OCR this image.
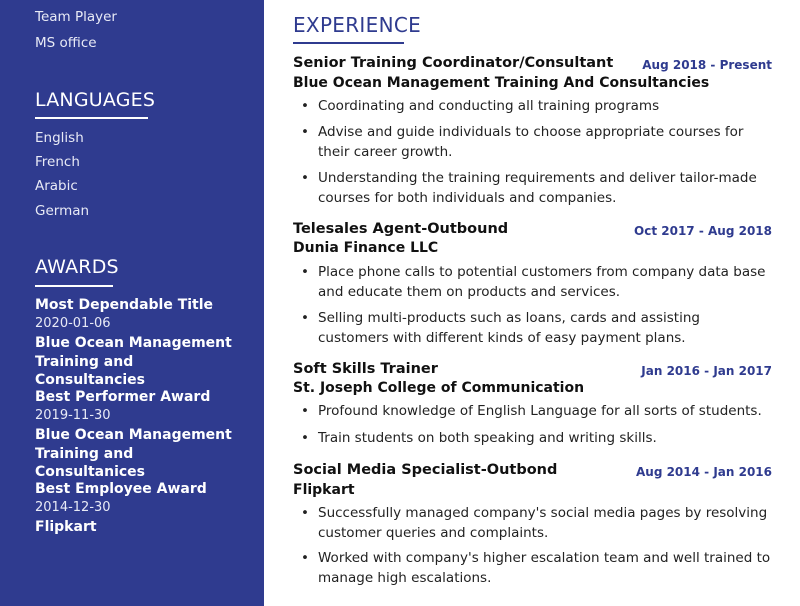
Team Player
MS office
LANGUAGES
English
French
Arabic
German
AWARDS
Most Dependable Title
2020-01-06
Blue Ocean Management Training and Consultancies
Best Performer Award
2019-11-30
Blue Ocean Management Training and Consultanices
Best Employee Award
2014-12-30
Flipkart
EXPERIENCE
Senior Training Coordinator/Consultant Aug 2018 - Present
Blue Ocean Management Training And Consultancies
• Coordinating and conducting all training programs
• Advise and guide individuals to choose appropriate courses for their career growth.
• Understanding the training requirements and deliver tailor-made courses for both individuals and companies.
Telesales Agent-Outbound	Oct 2017 - Aug 2018
Dunia Finance LLC
• Place phone calls to potential customers from company data base and educate them on products and services.
• Selling multi-products such as loans, cards and assisting customers with different kinds of easy payment plans.
Soft Skills Trainer	Jan 2016 - Jan 2017
St. Joseph College of Communication
• Profound knowledge of English Language for all sorts of students.
• Train students on both speaking and writing skills.
Social Media Specialist-Outbond	Aug 2014 - Jan 2016
Flipkart
• Successfully managed company's social media pages by resolving customer queries and complaints.
• Worked with company's higher escalation team and well trained to manage high escalations.
